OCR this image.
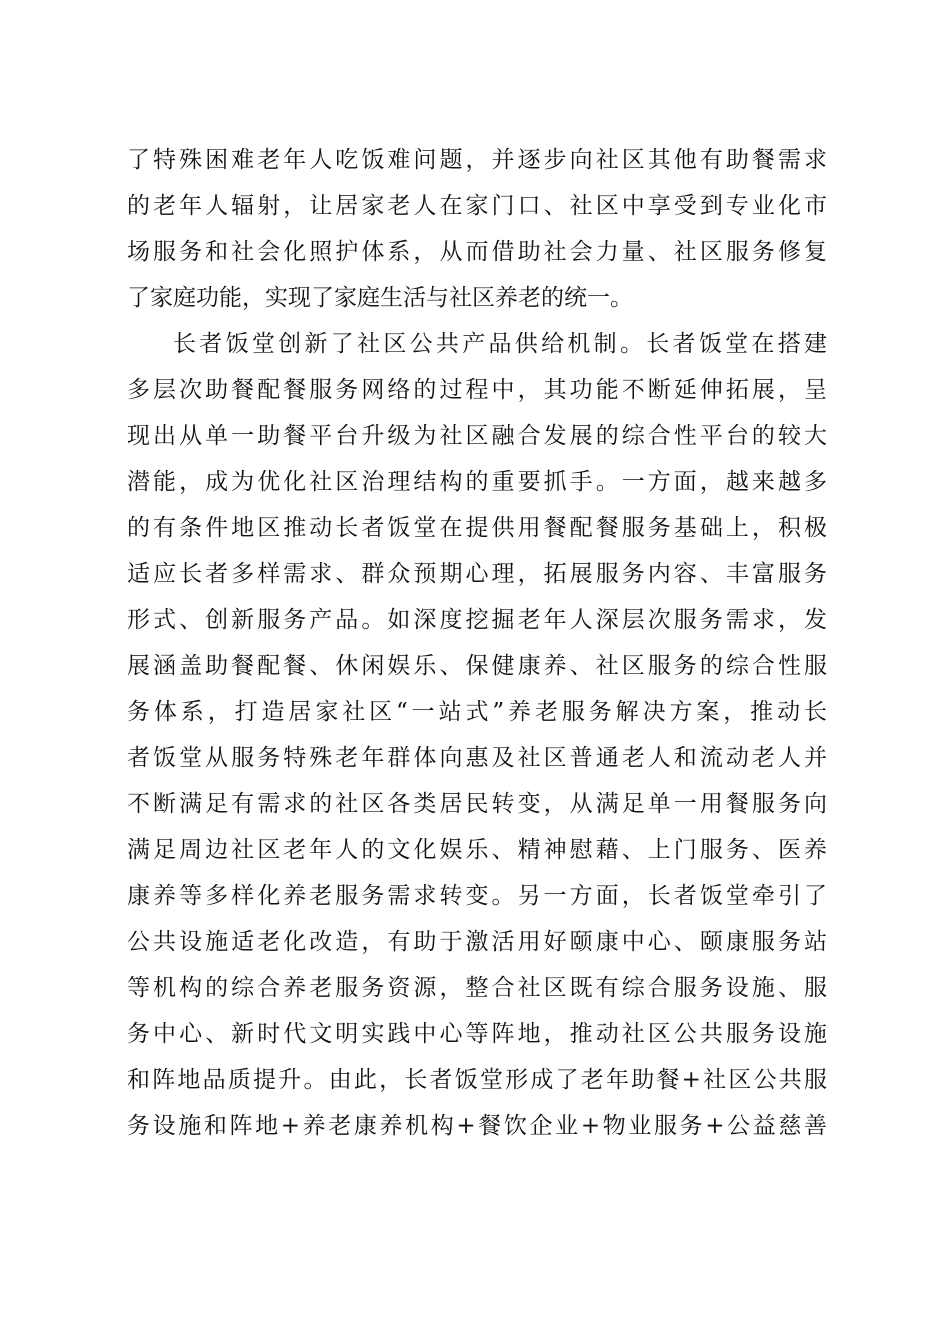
了特殊困难老年人吃饭难问题，并逐步向社区其他有助餐需求
的老年人辐射，让居家老人在家门口、社区中享受到专业化市
场服务和社会化照护体系，从而借助社会力量、社区服务修复
了家庭功能，实现了家庭生活与社区养老的统一。
长者饭堂创新了社区公共产品供给机制。长者饭堂在搭建
多层次助餐配餐服务网络的过程中，其功能不断延伸拓展，呈
现出从单一助餐平台升级为社区融合发展的综合性平台的较大
潜能，成为优化社区治理结构的重要抓手。一方面，越来越多
的有条件地区推动长者饭堂在提供用餐配餐服务基础上，积极
适应长者多样需求、群众预期心理，拓展服务内容、丰富服务
形式、创新服务产品。如深度挖掘老年人深层次服务需求，发
展涵盖助餐配餐、休闲娱乐、保健康养、社区服务的综合性服
务体系，打造居家社区“一站式”养老服务解决方案，推动长
者饭堂从服务特殊老年群体向惠及社区普通老人和流动老人并
不断满足有需求的社区各类居民转变，从满足单一用餐服务向
满足周边社区老年人的文化娱乐、精神慰藉、上门服务、医养
康养等多样化养老服务需求转变。另一方面，长者饭堂牵引了
公共设施适老化改造，有助于激活用好颐康中心、颐康服务站
等机构的综合养老服务资源，整合社区既有综合服务设施、服
务中心、新时代文明实践中心等阵地，推动社区公共服务设施
和阵地品质提升。由此，长者饭堂形成了老年助餐+社区公共服
务设施和阵地+养老康养机构+餐饮企业+物业服务+公益慈善
